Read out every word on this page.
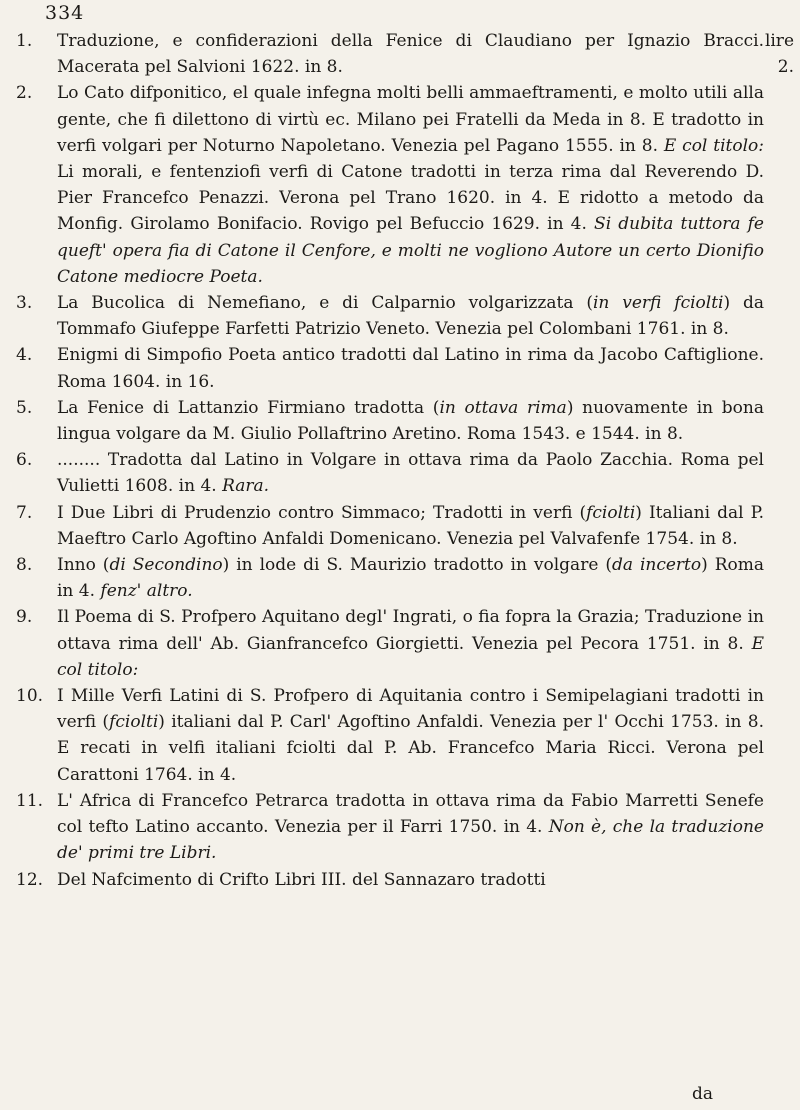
334
1.	lire
2.
Traduzione, e confiderazioni della Fenice di Claudiano per Ignazio Bracci. Macerata pel Salvioni 1622. in 8.
2.	Lo Cato difponitico, el quale infegna molti belli ammaeftramenti, e molto utili alla gente, che fi dilettono di virtù ec. Milano pei Fratelli da Meda in 8. E tradotto in verfi volgari per Noturno Napoletano. Venezia pel Pagano 1555. in 8. E col titolo: Li morali, e fentenziofi verfi di Catone tradotti in terza rima dal Reverendo D. Pier Francefco Penazzi. Verona pel Trano 1620. in 4. E ridotto a metodo da Monfig. Girolamo Bonifacio. Rovigo pel Befuccio 1629. in 4. Si dubita tuttora fe queft' opera fia di Catone il Cenfore, e molti ne vogliono Autore un certo Dionifio Catone mediocre Poeta.
3.	La Bucolica di Nemefiano, e di Calparnio volgarizzata (in verfi fciolti) da Tommafo Giufeppe Farfetti Patrizio Veneto. Venezia pel Colombani 1761. in 8.
4.	Enigmi di Simpofio Poeta antico tradotti dal Latino in rima da Jacobo Caftiglione. Roma 1604. in 16.
5.	La Fenice di Lattanzio Firmiano tradotta (in ottava rima) nuovamente in bona lingua volgare da M. Giulio Pollaftrino Aretino. Roma 1543. e 1544. in 8.
6.	........ Tradotta dal Latino in Volgare in ottava rima da Paolo Zacchia. Roma pel Vulietti 1608. in 4. Rara.
7.	I Due Libri di Prudenzio contro Simmaco; Tradotti in verfi (fciolti) Italiani dal P. Maeftro Carlo Agoftino Anfaldi Domenicano. Venezia pel Valvafenfe 1754. in 8.
8.	Inno (di Secondino) in lode di S. Maurizio tradotto in volgare (da incerto) Roma in 4. fenz' altro.
9.	Il Poema di S. Profpero Aquitano degl' Ingrati, o fia fopra la Grazia; Traduzione in ottava rima dell' Ab. Gianfrancefco Giorgietti. Venezia pel Pecora 1751. in 8. E col titolo:
10. I Mille Verfi Latini di S. Profpero di Aquitania contro i Semipelagiani tradotti in verfi (fciolti) italiani dal P. Carl' Agoftino Anfaldi. Venezia per l' Occhi 1753. in 8. E recati in velfi italiani fciolti dal P. Ab. Francefco Maria Ricci. Verona pel Carattoni 1764. in 4.
11. L' Africa di Francefco Petrarca tradotta in ottava rima da Fabio Marretti Senefe col tefto Latino accanto. Venezia per il Farri 1750. in 4. Non è, che la traduzione de' primi tre Libri.
12. Del Nafcimento di Crifto Libri III. del Sannazaro tradotti
da
